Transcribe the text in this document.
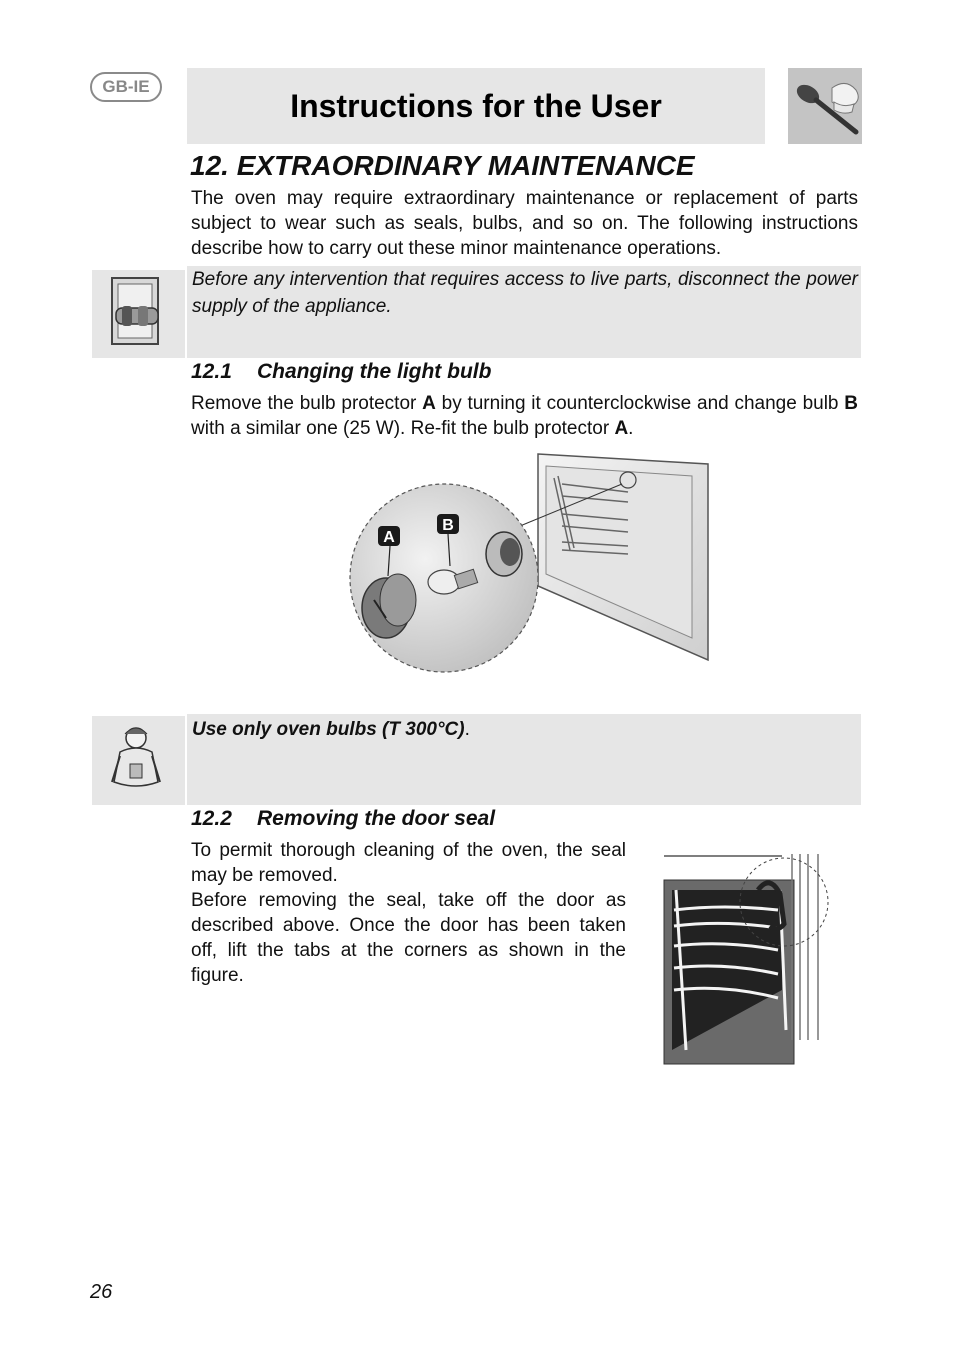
GB-IE
Instructions for the User
12. EXTRAORDINARY MAINTENANCE
The oven may require extraordinary maintenance or replacement of parts subject to wear such as seals, bulbs, and so on. The following instructions describe how to carry out these minor maintenance operations.
Before any intervention that requires access to live parts, disconnect the power supply of the appliance.
12.1 Changing the light bulb
Remove the bulb protector A by turning it counterclockwise and change bulb B with a similar one (25 W). Re-fit the bulb protector A.
A
B
Use only oven bulbs (T 300°C).
12.2 Removing the door seal
To permit thorough cleaning of the oven, the seal may be removed.
Before removing the seal, take off the door as described above. Once the door has been taken off, lift the tabs at the corners as shown in the figure.
26
